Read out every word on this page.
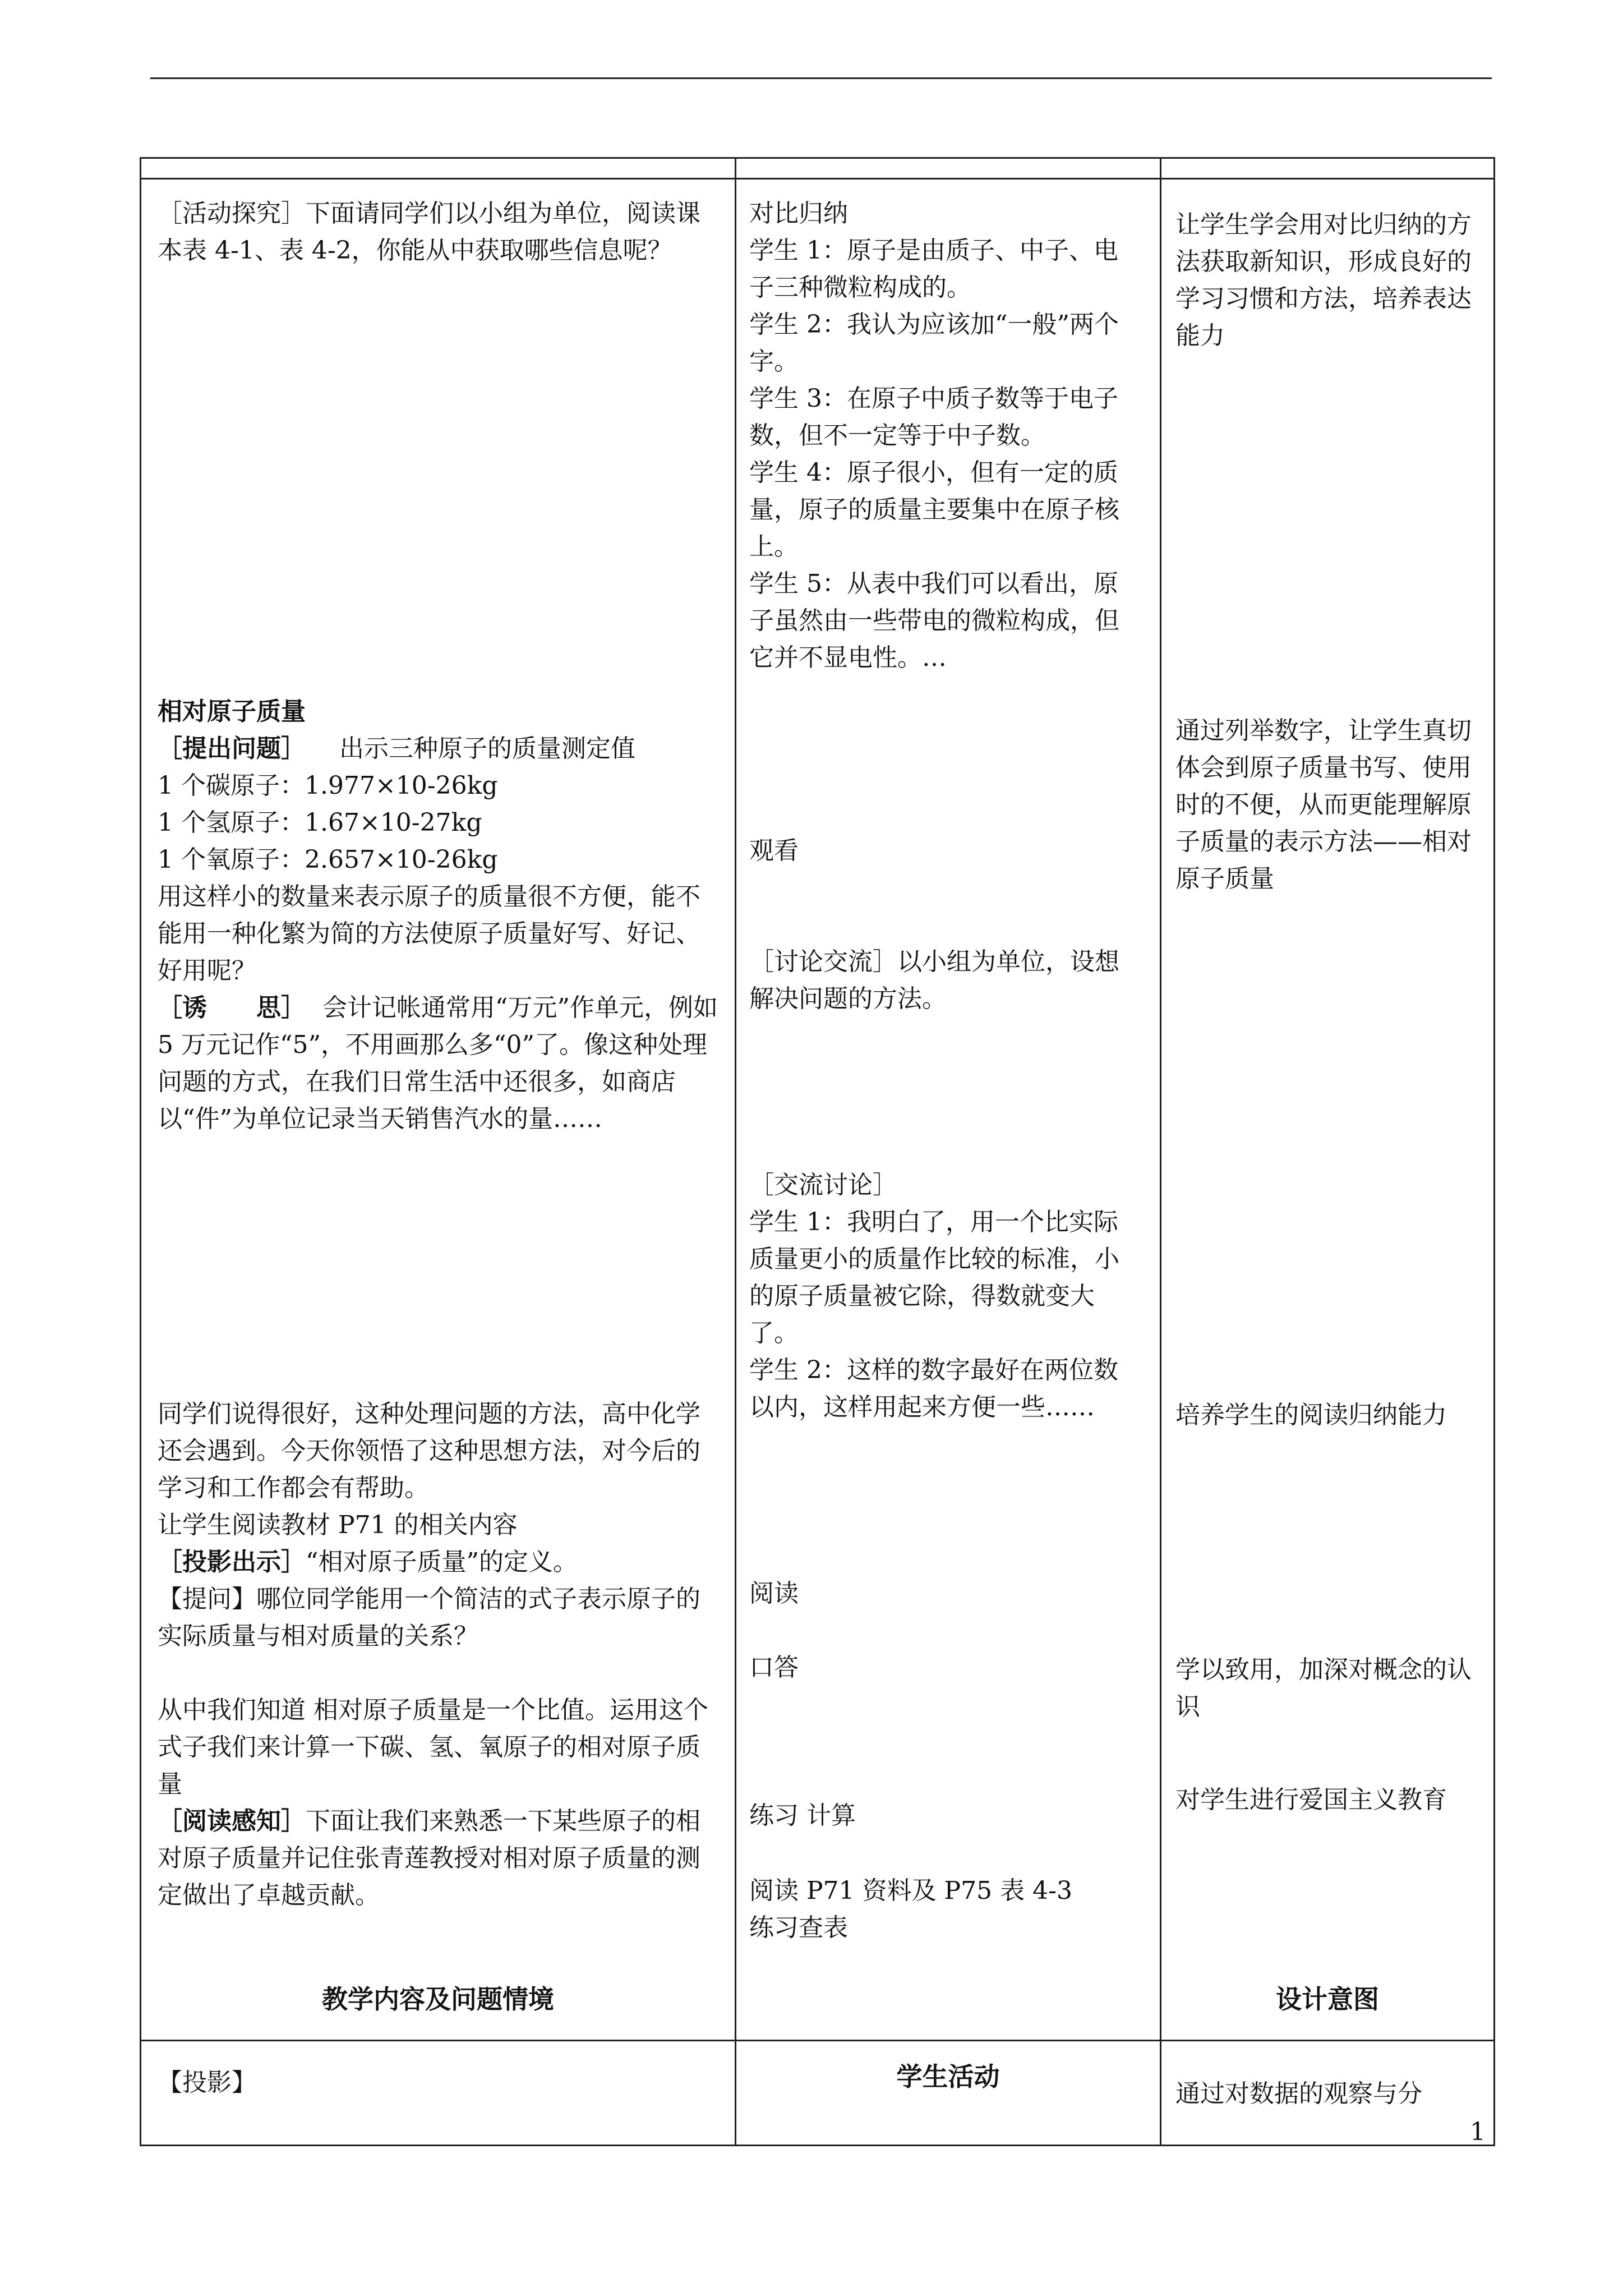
［活动探究］下面请同学们以小组为单位，阅读课本表 4-1、表 4-2，你能从中获取哪些信息呢？
相对原子质量
［提出问题］ 出示三种原子的质量测定值
1 个碳原子：1.977×10-26kg
1 个氢原子：1.67×10-27kg
1 个氧原子：2.657×10-26kg
用这样小的数量来表示原子的质量很不方便，能不能用一种化繁为简的方法使原子质量好写、好记、好用呢？
［诱　　思］ 会计记帐通常用“万元”作单元，例如 5 万元记作“5”，不用画那么多“0”了。像这种处理问题的方式，在我们日常生活中还很多，如商店以“件”为单位记录当天销售汽水的量……
同学们说得很好，这种处理问题的方法，高中化学还会遇到。今天你领悟了这种思想方法，对今后的学习和工作都会有帮助。
让学生阅读教材 P71 的相关内容
［投影出示］“相对原子质量”的定义。
【提问】哪位同学能用一个简洁的式子表示原子的实际质量与相对质量的关系？
从中我们知道 相对原子质量是一个比值。运用这个式子我们来计算一下碳、氢、氧原子的相对原子质量
［阅读感知］下面让我们来熟悉一下某些原子的相对原子质量并记住张青莲教授对相对原子质量的测定做出了卓越贡献。
教学内容及问题情境
【投影】
对比归纳
学生 1：原子是由质子、中子、电子三种微粒构成的。
学生 2：我认为应该加“一般”两个字。
学生 3：在原子中质子数等于电子数，但不一定等于中子数。
学生 4：原子很小，但有一定的质量，原子的质量主要集中在原子核上。
学生 5：从表中我们可以看出，原子虽然由一些带电的微粒构成，但它并不显电性。…
观看
［讨论交流］以小组为单位，设想解决问题的方法。
［交流讨论］
学生 1：我明白了，用一个比实际质量更小的质量作比较的标准，小的原子质量被它除，得数就变大了。
学生 2：这样的数字最好在两位数以内，这样用起来方便一些……
阅读
口答
练习 计算
阅读 P71 资料及 P75 表 4-3
练习查表
学生活动
让学生学会用对比归纳的方法获取新知识，形成良好的学习习惯和方法，培养表达能力
通过列举数字，让学生真切体会到原子质量书写、使用时的不便，从而更能理解原子质量的表示方法——相对原子质量
培养学生的阅读归纳能力
学以致用，加深对概念的认识
对学生进行爱国主义教育
设计意图
通过对数据的观察与分
1
